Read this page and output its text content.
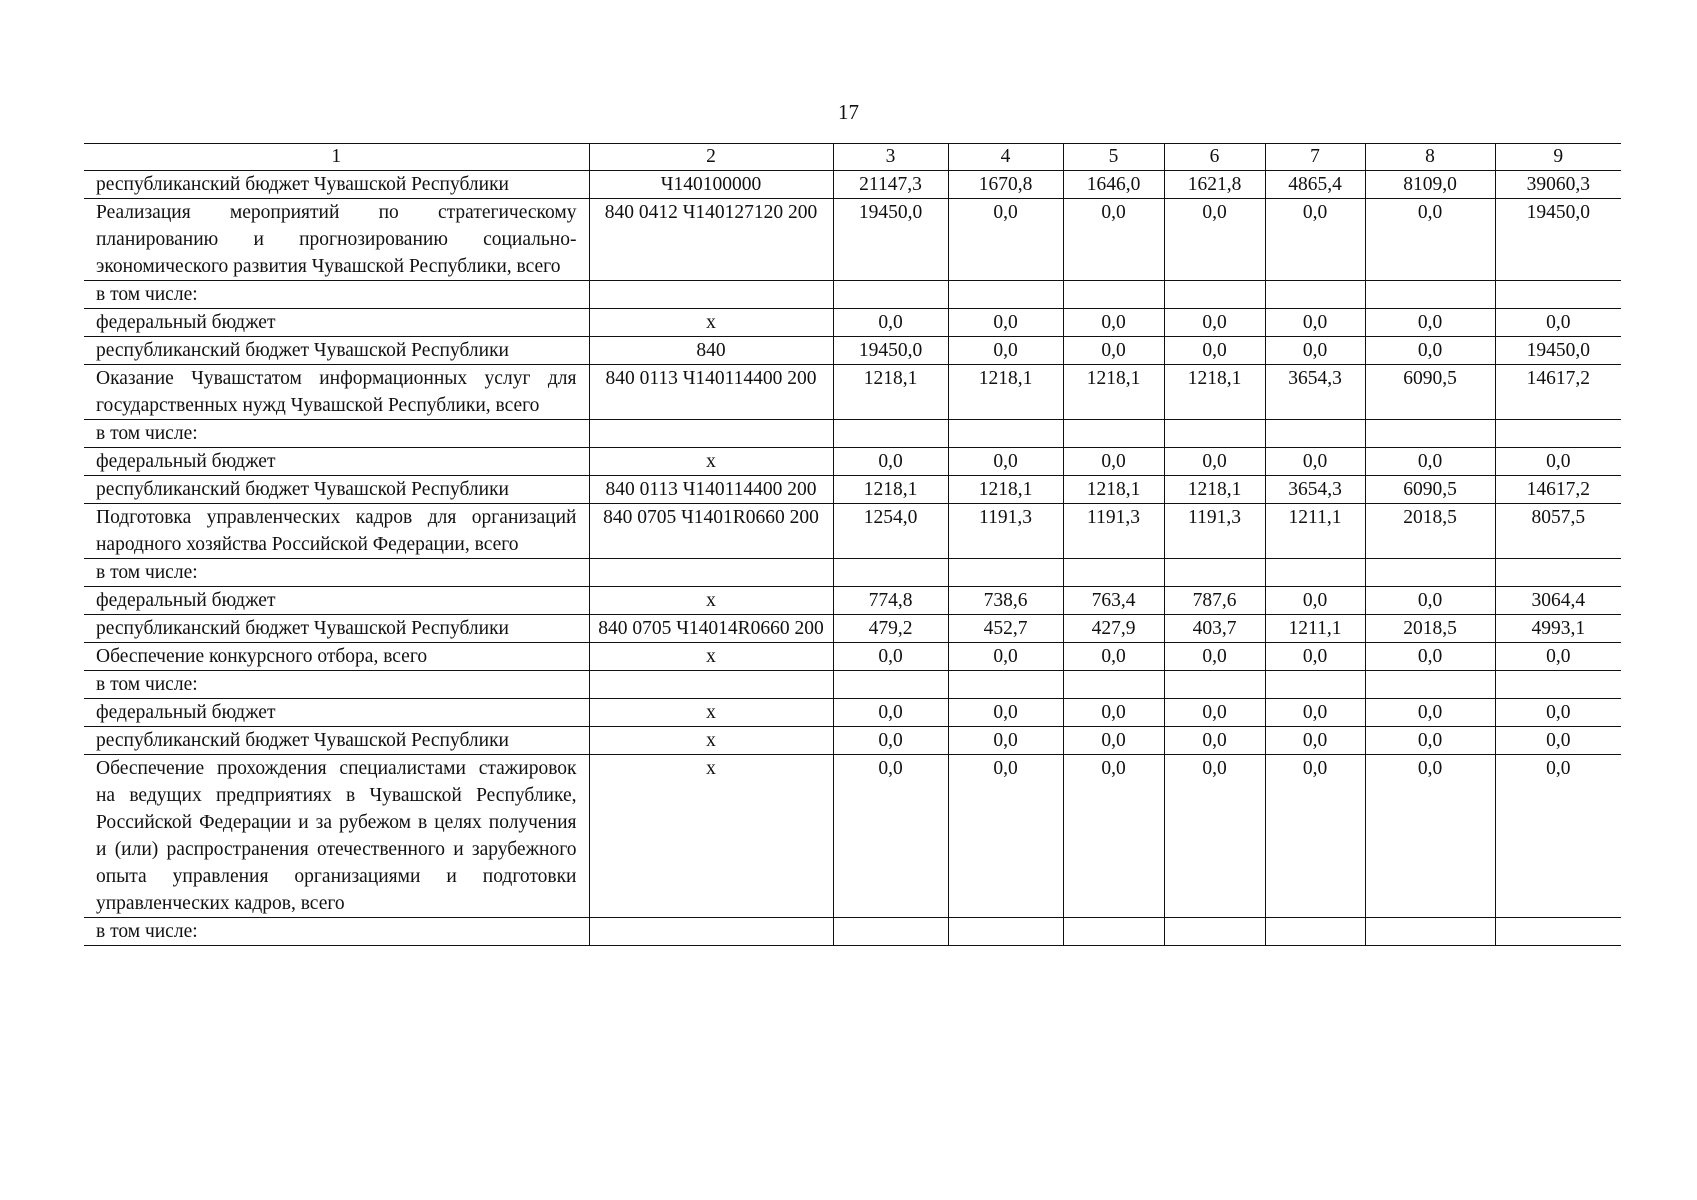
17
1	2	3	4	5	6	7	8	9
республиканский бюджет Чувашской Республики	Ч140100000	21147,3	1670,8	1646,0	1621,8	4865,4	8109,0	39060,3
Реализация мероприятий по стратегическому планированию и прогнозированию социально-экономического развития Чувашской Республики, всего	840 0412 Ч140127120 200	19450,0	0,0	0,0	0,0	0,0	0,0	19450,0
в том числе:								
федеральный бюджет	х	0,0	0,0	0,0	0,0	0,0	0,0	0,0
республиканский бюджет Чувашской Республики	840	19450,0	0,0	0,0	0,0	0,0	0,0	19450,0
Оказание Чувашстатом информационных услуг для государственных нужд Чувашской Республики, всего	840 0113 Ч140114400 200	1218,1	1218,1	1218,1	1218,1	3654,3	6090,5	14617,2
в том числе:								
федеральный бюджет	х	0,0	0,0	0,0	0,0	0,0	0,0	0,0
республиканский бюджет Чувашской Республики	840 0113 Ч140114400 200	1218,1	1218,1	1218,1	1218,1	3654,3	6090,5	14617,2
Подготовка управленческих кадров для организаций народного хозяйства Российской Федерации, всего	840 0705 Ч1401R0660 200	1254,0	1191,3	1191,3	1191,3	1211,1	2018,5	8057,5
в том числе:								
федеральный бюджет	х	774,8	738,6	763,4	787,6	0,0	0,0	3064,4
республиканский бюджет Чувашской Республики	840 0705 Ч14014R0660 200	479,2	452,7	427,9	403,7	1211,1	2018,5	4993,1
Обеспечение конкурсного отбора, всего	х	0,0	0,0	0,0	0,0	0,0	0,0	0,0
в том числе:								
федеральный бюджет	х	0,0	0,0	0,0	0,0	0,0	0,0	0,0
республиканский бюджет Чувашской Республики	х	0,0	0,0	0,0	0,0	0,0	0,0	0,0
Обеспечение прохождения специалистами стажировок на ведущих предприятиях в Чувашской Республике, Российской Федерации и за рубежом в целях получения и (или) распространения отечественного и зарубежного опыта управления организациями и подготовки управленческих кадров, всего	х	0,0	0,0	0,0	0,0	0,0	0,0	0,0
в том числе:								
